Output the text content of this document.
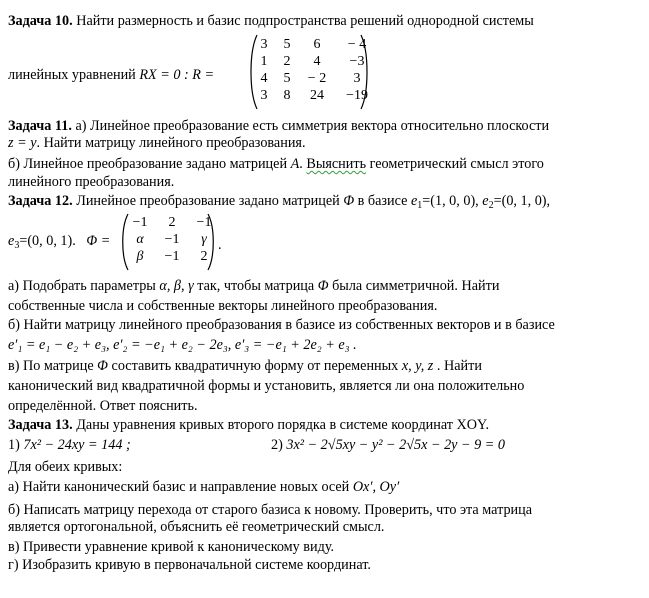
Задача 10. Найти размерность и базис подпространства решений однородной системы
линейных уравнений RX = 0 : R =
3	5	6	− 4
1	2	4	−3
4	5	− 2	3
3	8	24	−19
Задача 11. а) Линейное преобразование есть симметрия вектора относительно плоскости
z = y. Найти матрицу линейного преобразования.
б) Линейное преобразование задано матрицей A. Выяснить геометрический смысл этого
линейного преобразования.
Задача 12. Линейное преобразование задано матрицей Φ в базисе $e_1=(1$, 0, 0), $e_2=(0$, 1, 0),
$e_3=(0$, 0, 1). Φ =
−1	2	−1
α	−1	γ
β	−1	2
.
а) Подобрать параметры α, β, γ так, чтобы матрица Φ была симметричной. Найти
собственные числа и собственные векторы линейного преобразования.
б) Найти матрицу линейного преобразования в базисе из собственных векторов и в базисе
e′₁ = e₁ − e₂ + e₃, e′₂ = −e₁ + e₂ − 2e₃, e′₃ = −e₁ + 2e₂ + e₃ .
в) По матрице Φ составить квадратичную форму от переменных x, y, z . Найти
канонический вид квадратичной формы и установить, является ли она положительно
определённой. Ответ пояснить.
Задача 13. Даны уравнения кривых второго порядка в системе координат XOY.
1) 7x² − 24xy = 144 ;	2) 3x² − 2√5xy − y² − 2√5x − 2y − 9 = 0
Для обеих кривых:
а) Найти канонический базис и направление новых осей Ox′, Oy′
б) Написать матрицу перехода от старого базиса к новому. Проверить, что эта матрица
является ортогональной, объяснить её геометрический смысл.
в) Привести уравнение кривой к каноническому виду.
г) Изобразить кривую в первоначальной системе координат.
